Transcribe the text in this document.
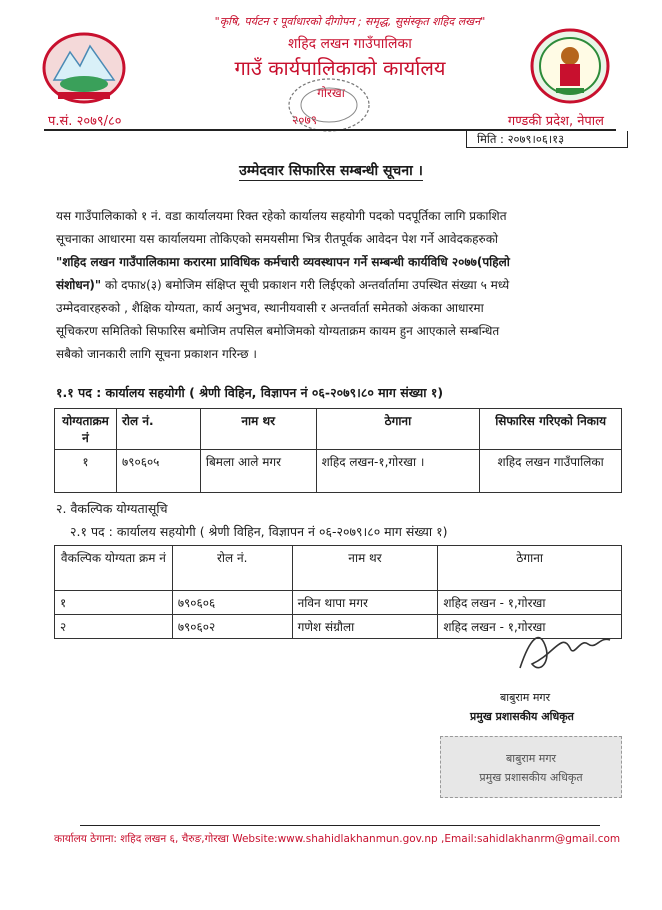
"कृषि, पर्यटन र पूर्वाधारको दीगोपन ; समृद्ध, सुसंस्कृत शहिद लखन"
शहिद लखन गाउँपालिका
गाउँ कार्यपालिकाको कार्यालय
गोरखा
प.सं. २०७९/८०	२०७९	गण्डकी प्रदेश, नेपाल
मिति : २०७९।०६।१३
उम्मेदवार सिफारिस सम्बन्धी सूचना ।

यस गाउँपालिकाको १ नं. वडा कार्यालयमा रिक्त रहेको कार्यालय सहयोगी पदको पदपूर्तिका लागि प्रकाशित

सूचनाका आधारमा यस कार्यालयमा तोकिएको समयसीमा भित्र रीतपूर्वक आवेदन पेश गर्ने आवेदकहरुको

"शहिद लखन गाउँपालिकामा करारमा प्राविधिक कर्मचारी व्यवस्थापन गर्ने सम्बन्धी कार्यविधि २०७७(पहिलो

संशोधन)" को दफा४(३) बमोजिम संक्षिप्त सूची प्रकाशन गरी लिईएको अन्तर्वार्तामा उपस्थित संख्या ५ मध्ये

उम्मेदवारहरुको , शैक्षिक योग्यता, कार्य अनुभव, स्थानीयवासी र अन्तर्वार्ता समेतको अंकका आधारमा

सूचिकरण समितिको सिफारिस बमोजिम तपसिल बमोजिमको योग्यताक्रम कायम हुन आएकाले सम्बन्धित

सबैको जानकारी लागि सूचना प्रकाशन गरिन्छ ।

१.१ पद : कार्यालय सहयोगी ( श्रेणी विहिन, विज्ञापन नं ०६-२०७९।८० माग संख्या १)
योग्यताक्रम नं	रोल नं.	नाम थर	ठेगाना	सिफारिस गरिएको निकाय
१	७९०६०५	बिमला आले मगर	शहिद लखन-१,गोरखा ।	शहिद लखन गाउँपालिका
२. वैकल्पिक योग्यतासूचि
२.१ पद : कार्यालय सहयोगी ( श्रेणी विहिन, विज्ञापन नं ०६-२०७९।८० माग संख्या १)
वैकल्पिक योग्यता क्रम नं	रोल नं.	नाम थर	ठेगाना
१	७९०६०६	नविन थापा मगर	शहिद लखन - १,गोरखा
२	७९०६०२	गणेश संग्रौला	शहिद लखन - १,गोरखा
बाबुराम मगर
प्रमुख प्रशासकीय अधिकृत
बाबुराम मगर
प्रमुख प्रशासकीय अधिकृत
कार्यालय ठेगाना: शहिद लखन ६, चैरुङ,गोरखा Website:www.shahidlakhanmun.gov.np ,Email:sahidlakhanrm@gmail.com
